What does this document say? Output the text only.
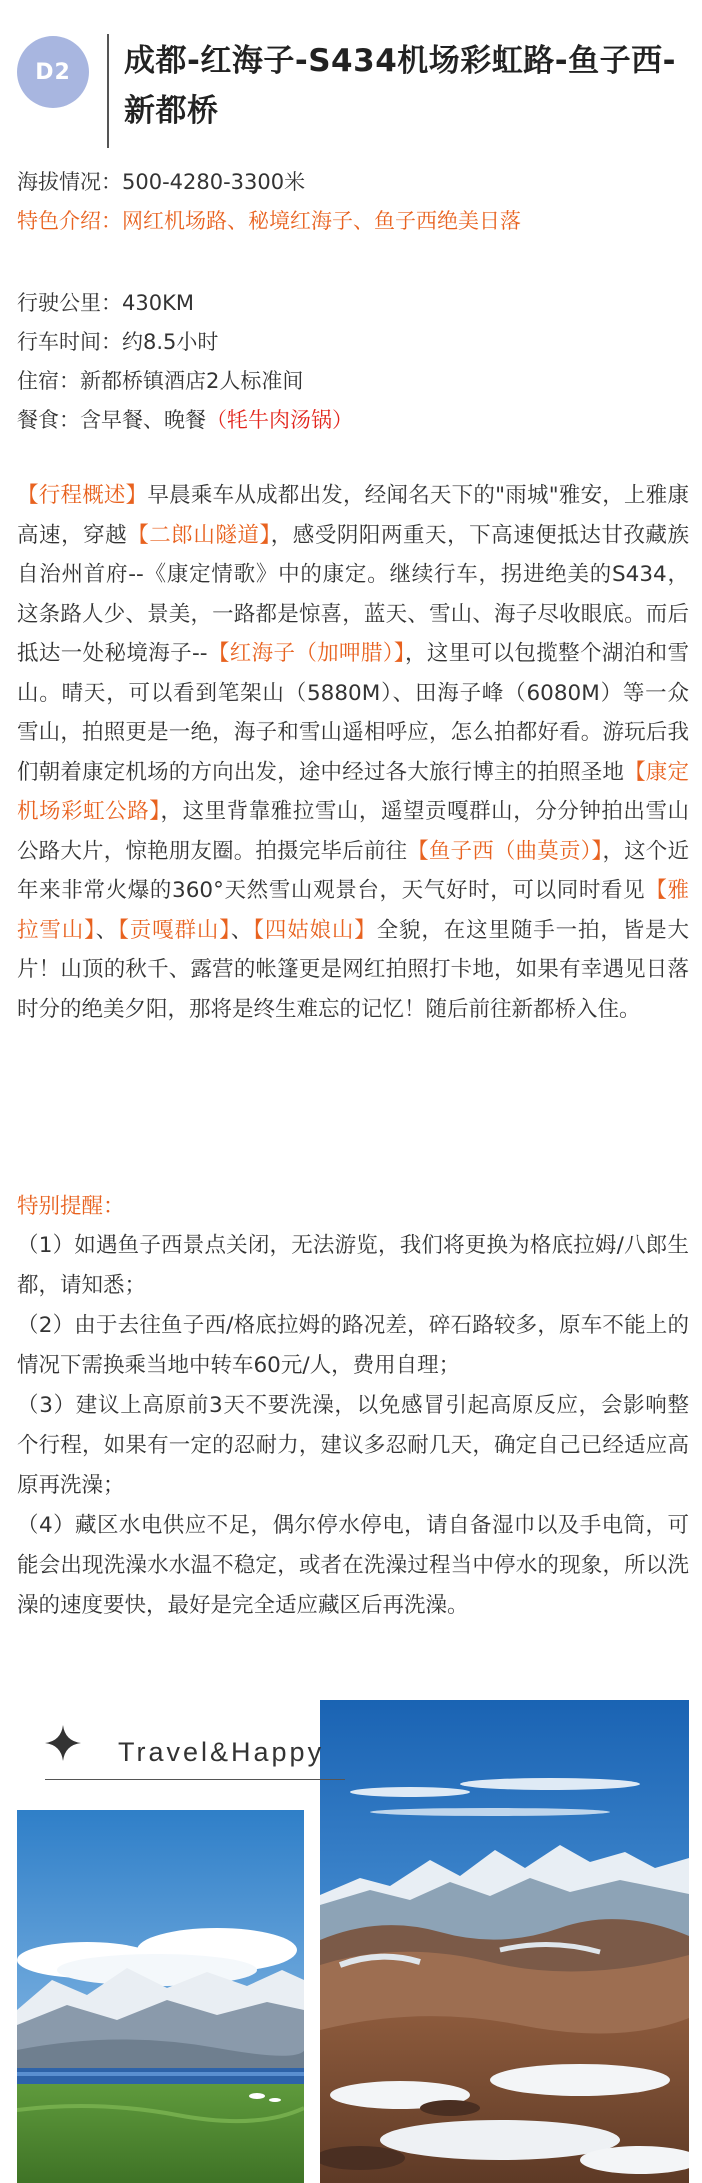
D2	成都-红海子-S434机场彩虹路-鱼子西-新都桥

海拔情况：500-4280-3300米

特色介绍：网红机场路、秘境红海子、鱼子西绝美日落

行驶公里：430KM

行车时间：约8.5小时

住宿：新都桥镇酒店2人标准间

餐食：含早餐、晚餐（牦牛肉汤锅）

【行程概述】早晨乘车从成都出发，经闻名天下的"雨城"雅安，上雅康高速，穿越【二郎山隧道】，感受阴阳两重天，下高速便抵达甘孜藏族自治州首府--《康定情歌》中的康定。继续行车，拐进绝美的S434，这条路人少、景美，一路都是惊喜，蓝天、雪山、海子尽收眼底。而后抵达一处秘境海子--【红海子（加呷腊）】，这里可以包揽整个湖泊和雪山。晴天，可以看到笔架山（5880M）、田海子峰（6080M）等一众雪山，拍照更是一绝，海子和雪山遥相呼应，怎么拍都好看。游玩后我们朝着康定机场的方向出发，途中经过各大旅行博主的拍照圣地【康定机场彩虹公路】，这里背靠雅拉雪山，遥望贡嘎群山，分分钟拍出雪山公路大片，惊艳朋友圈。拍摄完毕后前往【鱼子西（曲莫贡）】，这个近年来非常火爆的360°天然雪山观景台，天气好时，可以同时看见【雅拉雪山】、【贡嘎群山】、【四姑娘山】全貌，在这里随手一拍，皆是大片！山顶的秋千、露营的帐篷更是网红拍照打卡地，如果有幸遇见日落时分的绝美夕阳，那将是终生难忘的记忆！随后前往新都桥入住。

特别提醒：

（1）如遇鱼子西景点关闭，无法游览，我们将更换为格底拉姆/八郎生都，请知悉；

（2）由于去往鱼子西/格底拉姆的路况差，碎石路较多，原车不能上的情况下需换乘当地中转车60元/人，费用自理；

（3）建议上高原前3天不要洗澡，以免感冒引起高原反应，会影响整个行程，如果有一定的忍耐力，建议多忍耐几天，确定自己已经适应高原再洗澡；

（4）藏区水电供应不足，偶尔停水停电，请自备湿巾以及手电筒，可能会出现洗澡水水温不稳定，或者在洗澡过程当中停水的现象，所以洗澡的速度要快，最好是完全适应藏区后再洗澡。

Travel&Happy
